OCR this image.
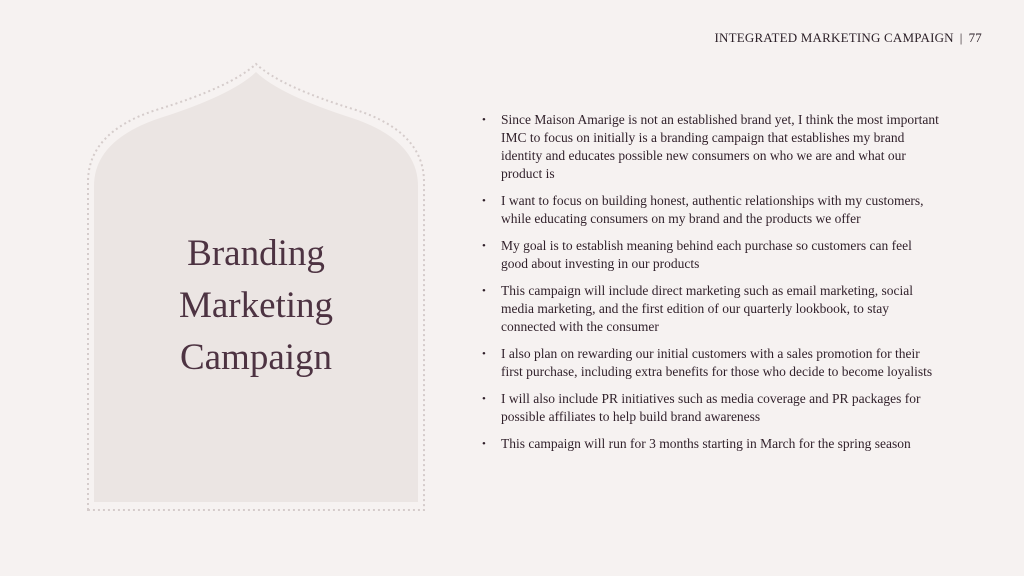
INTEGRATED MARKETING CAMPAIGN | 77
Branding
Marketing
Campaign
• Since Maison Amarige is not an established brand yet, I think the most important IMC to focus on initially is a branding campaign that establishes my brand identity and educates possible new consumers on who we are and what our product is
• I want to focus on building honest, authentic relationships with my customers, while educating consumers on my brand and the products we offer
• My goal is to establish meaning behind each purchase so customers can feel good about investing in our products
• This campaign will include direct marketing such as email marketing, social media marketing, and the first edition of our quarterly lookbook, to stay connected with the consumer
• I also plan on rewarding our initial customers with a sales promotion for their first purchase, including extra benefits for those who decide to become loyalists
• I will also include PR initiatives such as media coverage and PR packages for possible affiliates to help build brand awareness
• This campaign will run for 3 months starting in March for the spring season
